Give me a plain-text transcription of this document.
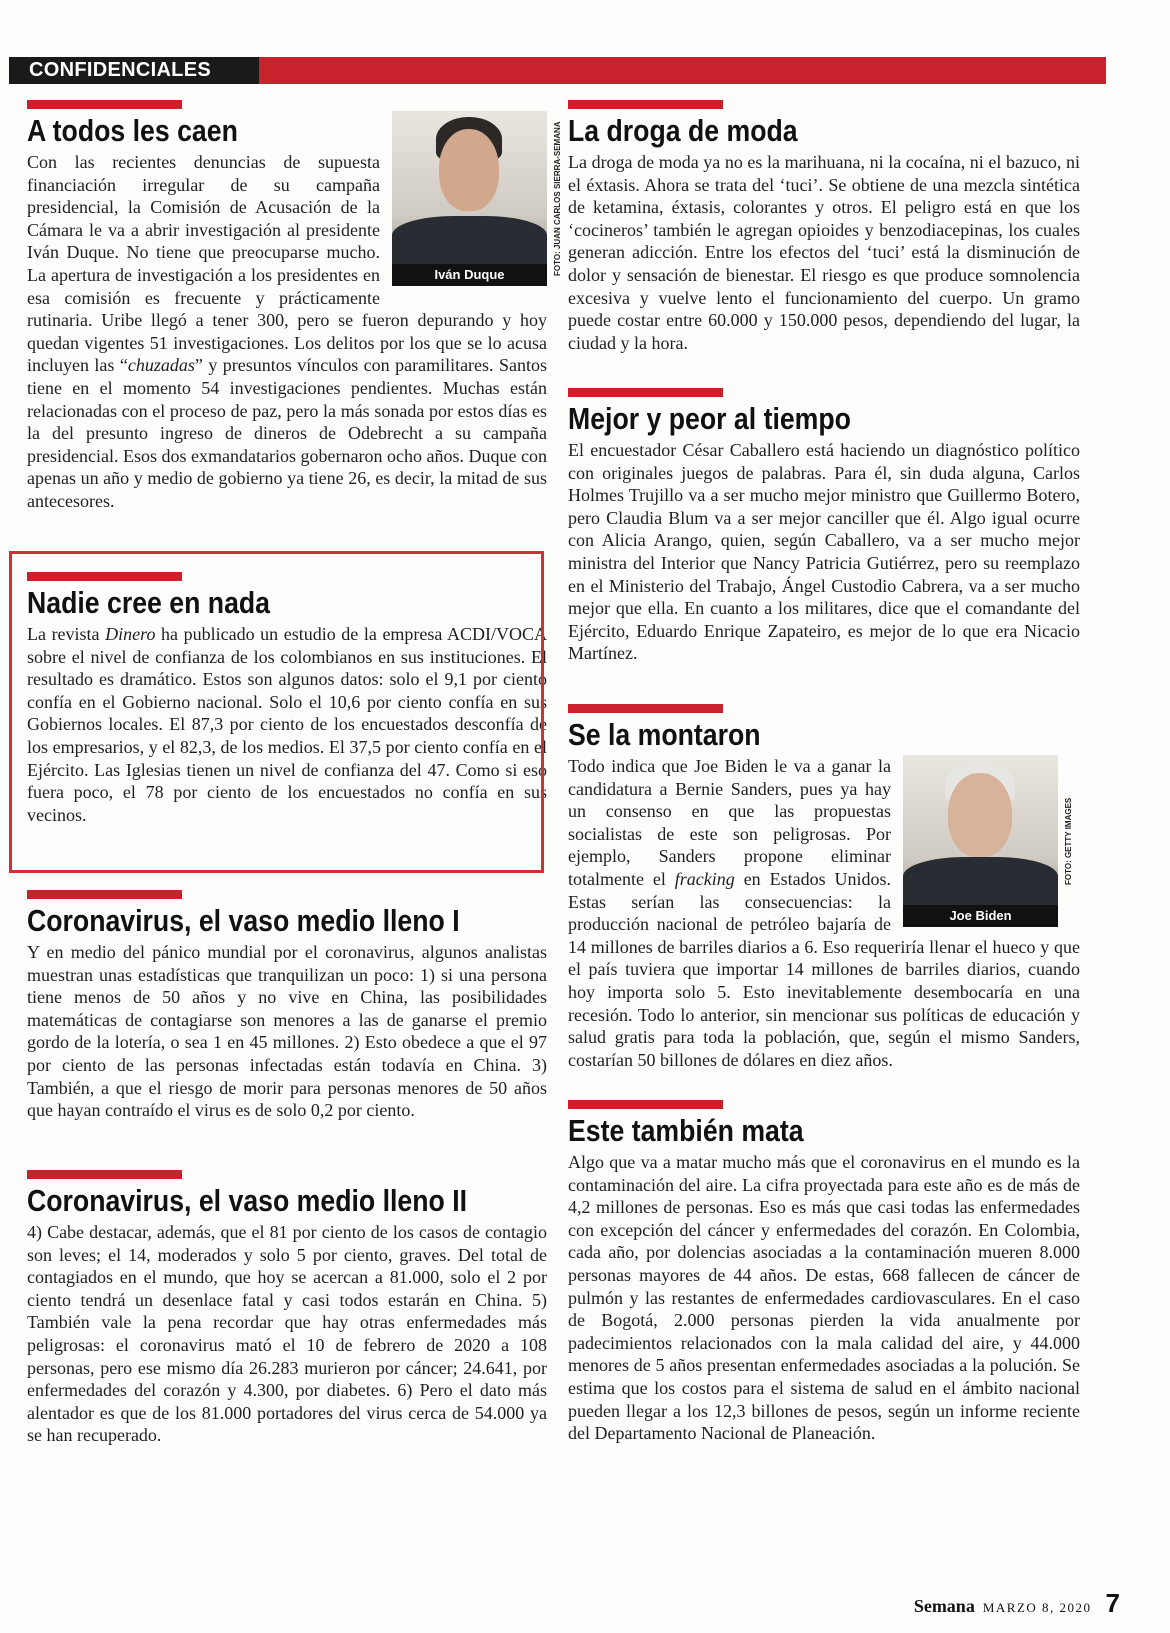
CONFIDENCIALES
A todos les caen
Iván Duque	FOTO: JUAN CARLOS SIERRA-SEMANA

Con las recientes denuncias de supuesta financiación irregular de su campaña presidencial, la Comisión de Acusación de la Cámara le va a abrir investigación al presidente Iván Duque. No tiene que preocuparse mucho. La apertura de investigación a los presidentes en esa comisión es frecuente y prácticamente rutinaria. Uribe llegó a tener 300, pero se fueron depurando y hoy quedan vigentes 51 investigaciones. Los delitos por los que se lo acusa incluyen las “chuzadas” y presuntos vínculos con paramilitares. Santos tiene en el momento 54 investigaciones pendientes. Muchas están relacionadas con el proceso de paz, pero la más sonada por estos días es la del presunto ingreso de dineros de Odebrecht a su campaña presidencial. Esos dos exmandatarios gobernaron ocho años. Duque con apenas un año y medio de gobierno ya tiene 26, es decir, la mitad de sus antecesores.

Nadie cree en nada

La revista Dinero ha publicado un estudio de la empresa ACDI/VOCA sobre el nivel de confianza de los colombianos en sus instituciones. El resultado es dramático. Estos son algunos datos: solo el 9,1 por ciento confía en el Gobierno nacional. Solo el 10,6 por ciento confía en sus Gobiernos locales. El 87,3 por ciento de los encuestados desconfía de los empresarios, y el 82,3, de los medios. El 37,5 por ciento confía en el Ejército. Las Iglesias tienen un nivel de confianza del 47. Como si eso fuera poco, el 78 por ciento de los encuestados no confía en sus vecinos.

Coronavirus, el vaso medio lleno I

Y en medio del pánico mundial por el coronavirus, algunos analistas muestran unas estadísticas que tranquilizan un poco: 1) si una persona tiene menos de 50 años y no vive en China, las posibilidades matemáticas de contagiarse son menores a las de ganarse el premio gordo de la lotería, o sea 1 en 45 millones. 2) Esto obedece a que el 97 por ciento de las personas infectadas están todavía en China. 3) También, a que el riesgo de morir para personas menores de 50 años que hayan contraído el virus es de solo 0,2 por ciento.

Coronavirus, el vaso medio lleno II

4) Cabe destacar, además, que el 81 por ciento de los casos de contagio son leves; el 14, moderados y solo 5 por ciento, graves. Del total de contagiados en el mundo, que hoy se acercan a 81.000, solo el 2 por ciento tendrá un desenlace fatal y casi todos estarán en China. 5) También vale la pena recordar que hay otras enfermedades más peligrosas: el coronavirus mató el 10 de febrero de 2020 a 108 personas, pero ese mismo día 26.283 murieron por cáncer; 24.641, por enfermedades del corazón y 4.300, por diabetes. 6) Pero el dato más alentador es que de los 81.000 portadores del virus cerca de 54.000 ya se han recuperado.

La droga de moda

La droga de moda ya no es la marihuana, ni la cocaína, ni el bazuco, ni el éxtasis. Ahora se trata del ‘tuci’. Se obtiene de una mezcla sintética de ketamina, éxtasis, colorantes y otros. El peligro está en que los ‘cocineros’ también le agregan opioides y benzodiacepinas, los cuales generan adicción. Entre los efectos del ‘tuci’ está la disminución de dolor y sensación de bienestar. El riesgo es que produce somnolencia excesiva y vuelve lento el funcionamiento del cuerpo. Un gramo puede costar entre 60.000 y 150.000 pesos, dependiendo del lugar, la ciudad y la hora.

Mejor y peor al tiempo

El encuestador César Caballero está haciendo un diagnóstico político con originales juegos de palabras. Para él, sin duda alguna, Carlos Holmes Trujillo va a ser mucho mejor ministro que Guillermo Botero, pero Claudia Blum va a ser mejor canciller que él. Algo igual ocurre con Alicia Arango, quien, según Caballero, va a ser mucho mejor ministra del Interior que Nancy Patricia Gutiérrez, pero su reemplazo en el Ministerio del Trabajo, Ángel Custodio Cabrera, va a ser mucho mejor que ella. En cuanto a los militares, dice que el comandante del Ejército, Eduardo Enrique Zapateiro, es mejor de lo que era Nicacio Martínez.

Se la montaron
Joe Biden
FOTO: GETTY IMAGES

Todo indica que Joe Biden le va a ganar la candidatura a Bernie Sanders, pues ya hay un consenso en que las propuestas socialistas de este son peligrosas. Por ejemplo, Sanders propone eliminar totalmente el fracking en Estados Unidos. Estas serían las consecuencias: la producción nacional de petróleo bajaría de 14 millones de barriles diarios a 6. Eso requeriría llenar el hueco y que el país tuviera que importar 14 millones de barriles diarios, cuando hoy importa solo 5. Esto inevitablemente desembocaría en una recesión. Todo lo anterior, sin mencionar sus políticas de educación y salud gratis para toda la población, que, según el mismo Sanders, costarían 50 billones de dólares en diez años.

Este también mata

Algo que va a matar mucho más que el coronavirus en el mundo es la contaminación del aire. La cifra proyectada para este año es de más de 4,2 millones de personas. Eso es más que casi todas las enfermedades con excepción del cáncer y enfermedades del corazón. En Colombia, cada año, por dolencias asociadas a la contaminación mueren 8.000 personas mayores de 44 años. De estas, 668 fallecen de cáncer de pulmón y las restantes de enfermedades cardiovasculares. En el caso de Bogotá, 2.000 personas pierden la vida anualmente por padecimientos relacionados con la mala calidad del aire, y 44.000 menores de 5 años presentan enfermedades asociadas a la polución. Se estima que los costos para el sistema de salud en el ámbito nacional pueden llegar a los 12,3 billones de pesos, según un informe reciente del Departamento Nacional de Planeación.

Semana MARZO 8, 2020 7
